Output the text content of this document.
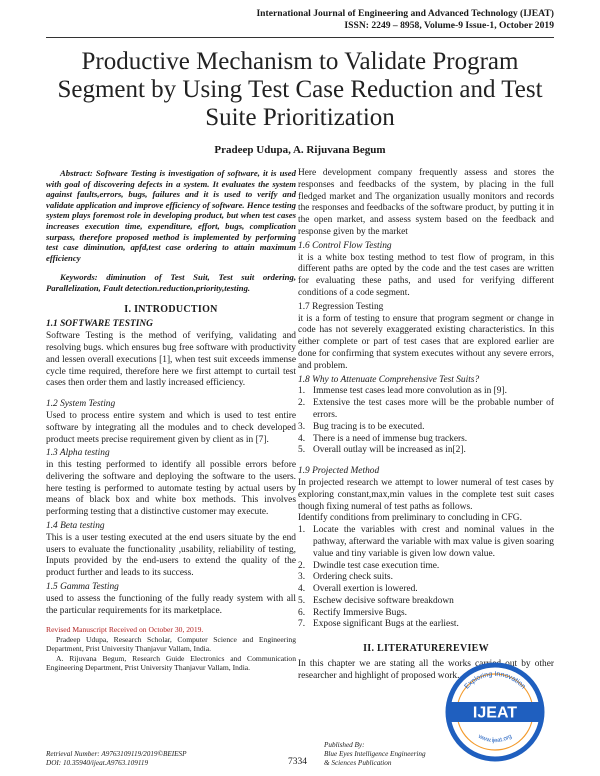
International Journal of Engineering and Advanced Technology (IJEAT)
ISSN: 2249 – 8958, Volume-9 Issue-1, October 2019
Productive Mechanism to Validate Program Segment by Using Test Case Reduction and Test Suite Prioritization
Pradeep Udupa, A. Rijuvana Begum

Abstract: Software Testing is investigation of software, it is used with goal of discovering defects in a system. It evaluates the system against faults,errors, bugs, failures and it is used to verify and validate application and improve efficiency of software. Hence testing system plays foremost role in developing product, but when test cases increases execution time, expenditure, effort, bugs, complication surpass, therefore proposed method is implemented by performing test case diminution, apfd,test case ordering to attain maximum efficiency

Keywords: diminution of Test Suit, Test suit ordering, Parallelization, Fault detection.reduction,priority,testing.

I. INTRODUCTION
1.1 SOFTWARE TESTING

Software Testing is the method of verifying, validating and resolving bugs. which ensures bug free software with productivity and lessen overall executions [1], when test suit exceeds immense cycle time required, therefore here we first attempt to curtail test cases then order them and lastly increased efficiency.

1.2 System Testing

Used to process entire system and which is used to test entire software by integrating all the modules and to check developed product meets precise requirement given by client as in [7].

1.3 Alpha testing

in this testing performed to identify all possible errors before delivering the software and deploying the software to the users. here testing is performed to automate testing by actual users by means of black box and white box methods. This involves performing testing that a distinctive customer may execute.

1.4 Beta testing

This is a user testing executed at the end users situate by the end users to evaluate the functionality ,usability, reliability of testing, Inputs provided by the end-users to extend the quality of the product further and leads to its success.

1.5 Gamma Testing

used to assess the functioning of the fully ready system with all the particular requirements for its marketplace.

Revised Manuscript Received on October 30, 2019.

Pradeep Udupa, Research Scholar, Computer Science and Engineering Department, Prist University Thanjavur Vallam, India.

A. Rijuvana Begum, Research Guide Electronics and Communication Engineering Department, Prist University Thanjavur Vallam, India.

Here development company frequently assess and stores the responses and feedbacks of the system, by placing in the full fledged market and The organization usually monitors and records the responses and feedbacks of the software product, by putting it in the open market, and assess system based on the feedback and response given by the market

1.6 Control Flow Testing

it is a white box testing method to test flow of program, in this different paths are opted by the code and the test cases are written for evaluating these paths, and used for verifying different conditions of a code segment.

1.7 Regression Testing

it is a form of testing to ensure that program segment or change in code has not severely exaggerated existing characteristics. In this either complete or part of test cases that are explored earlier are done for confirming that system executes without any severe errors, and problem.

1.8 Why to Attenuate Comprehensive Test Suits?
1. Immense test cases lead more convolution as in [9].
2. Extensive the test cases more will be the probable number of errors.
3. Bug tracing is to be executed.
4. There is a need of immense bug trackers.
5. Overall outlay will be increased as in[2].
1.9 Projected Method

In projected research we attempt to lower numeral of test cases by exploring constant,max,min values in the complete test suit cases though fixing numeral of test paths as follows.

Identify conditions from preliminary to concluding in CFG.

1. Locate the variables with crest and nominal values in the pathway, afterward the variable with max value is given soaring value and tiny variable is given low down value.
2. Dwindle test case execution time.
3. Ordering check suits.
4. Overall exertion is lowered.
5. Eschew decisive software breakdown
6. Rectify Immersive Bugs.
7. Expose significant Bugs at the earliest.
II. LITERATUREREVIEW

In this chapter we are stating all the works carried out by other researcher and highlight of proposed work.

Retrieval Number: A9763109119/2019©BEIESP
DOI: 10.35940/ijeat.A9763.109119	7334
Published By:
Blue Eyes Intelligence Engineering
& Sciences Publication
Exploring Innovation
IJEAT
www.ijeat.org
